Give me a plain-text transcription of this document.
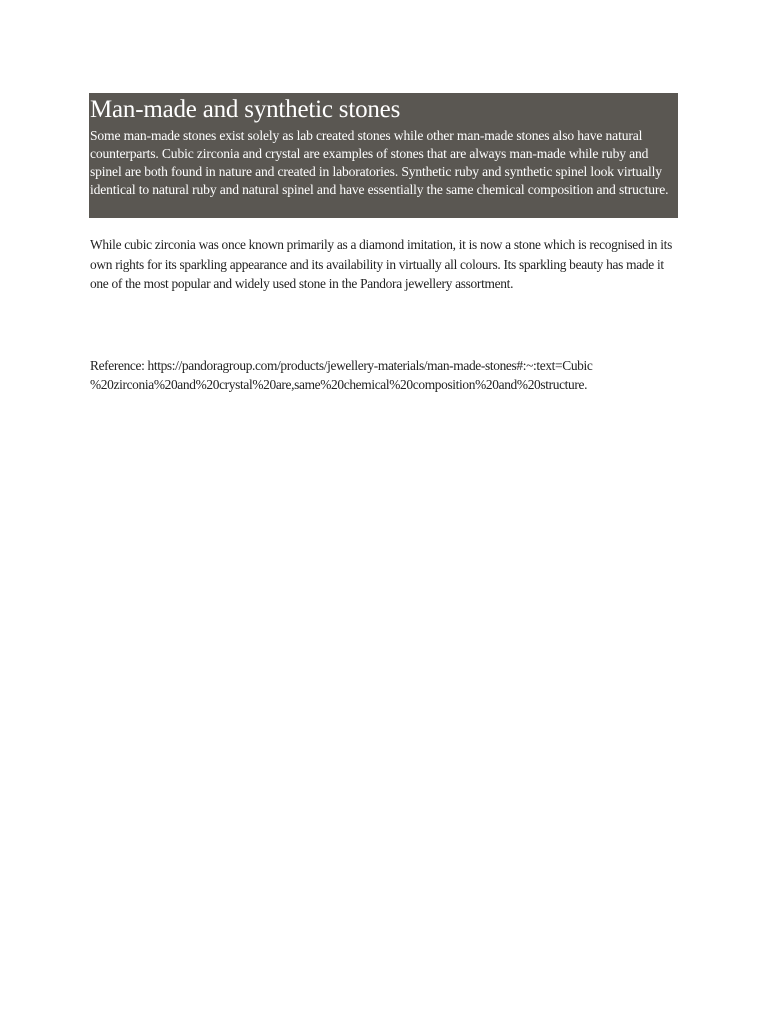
Man-made and synthetic stones

Some man-made stones exist solely as lab created stones while other man-made stones also have natural counterparts. Cubic zirconia and crystal are examples of stones that are always man-made while ruby and spinel are both found in nature and created in laboratories. Synthetic ruby and synthetic spinel look virtually identical to natural ruby and natural spinel and have essentially the same chemical composition and structure.

While cubic zirconia was once known primarily as a diamond imitation, it is now a stone which is recognised in its own rights for its sparkling appearance and its availability in virtually all colours. Its sparkling beauty has made it one of the most popular and widely used stone in the Pandora jewellery assortment.

Reference: https://pandoragroup.com/products/jewellery-materials/man-made-stones#:~:text=Cubic
%20zirconia%20and%20crystal%20are,same%20chemical%20composition%20and%20structure.
